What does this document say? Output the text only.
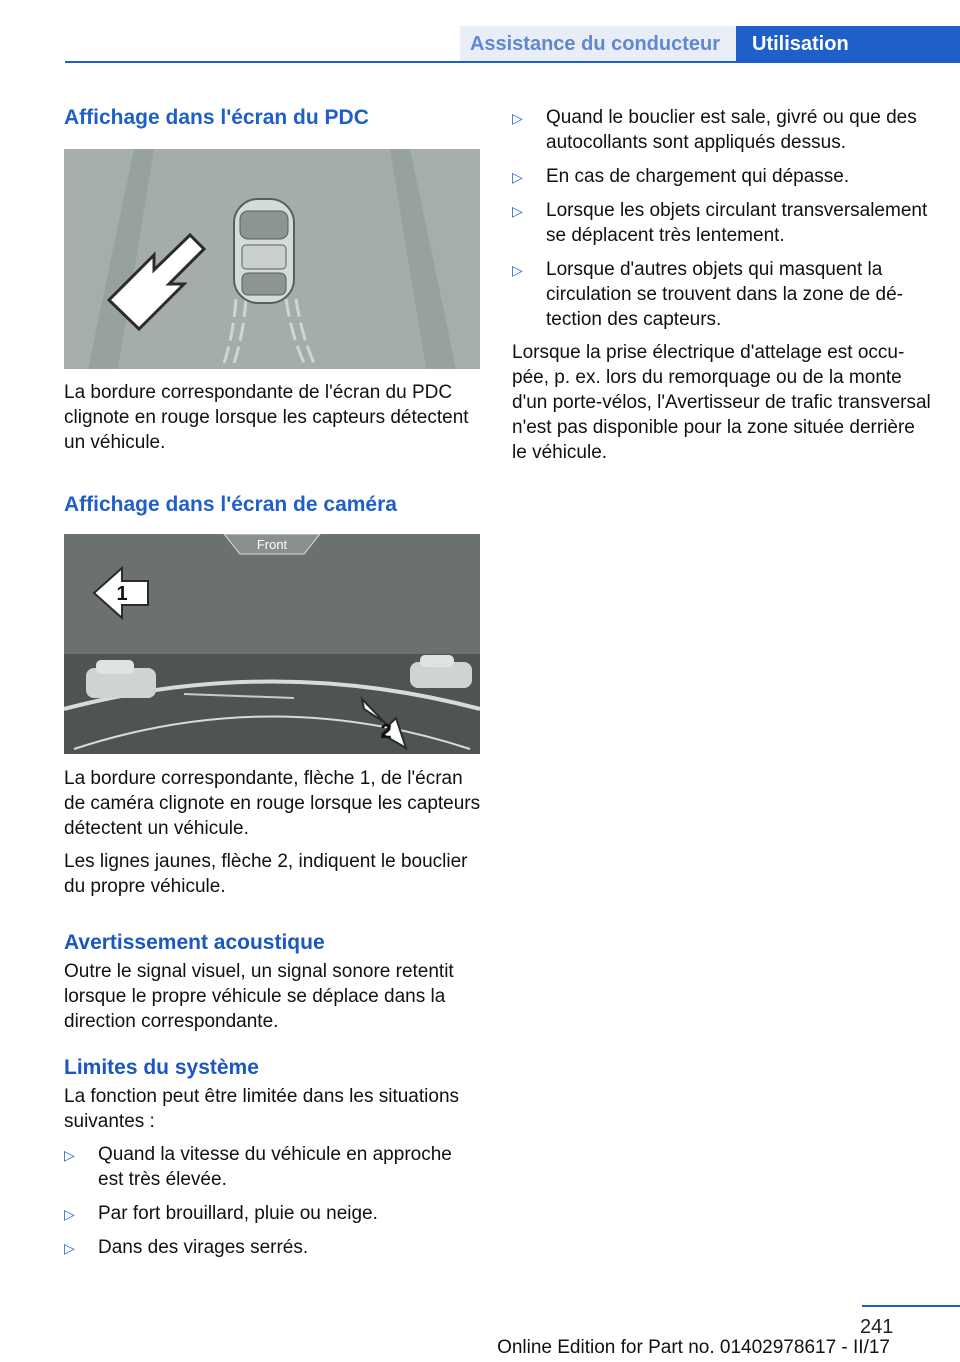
Assistance du conducteur	Utilisation
Affichage dans l'écran du PDC

La bordure correspondante de l'écran du PDC clignote en rouge lorsque les capteurs détectent un véhicule.

Affichage dans l'écran de caméra
Front
1
2

La bordure correspondante, flèche 1, de l'écran de caméra clignote en rouge lorsque les capteurs détectent un véhicule.

Les lignes jaunes, flèche 2, indiquent le bouclier du propre véhicule.

Avertissement acoustique

Outre le signal visuel, un signal sonore retentit lorsque le propre véhicule se déplace dans la direction correspondante.

Limites du système

La fonction peut être limitée dans les situations suivantes :

▷ Quand la vitesse du véhicule en approche est très élevée.
▷ Par fort brouillard, pluie ou neige.
▷ Dans des virages serrés.
▷ Quand le bouclier est sale, givré ou que des autocollants sont appliqués dessus.
▷ En cas de chargement qui dépasse.
▷ Lorsque les objets circulant transversalement se déplacent très lentement.
▷ Lorsque d'autres objets qui masquent la circulation se trouvent dans la zone de détection des capteurs.

Lorsque la prise électrique d'attelage est occupée, p. ex. lors du remorquage ou de la monte d'un porte-vélos, l'Avertisseur de trafic transversal n'est pas disponible pour la zone située derrière le véhicule.

241
Online Edition for Part no. 01402978617 - II/17
